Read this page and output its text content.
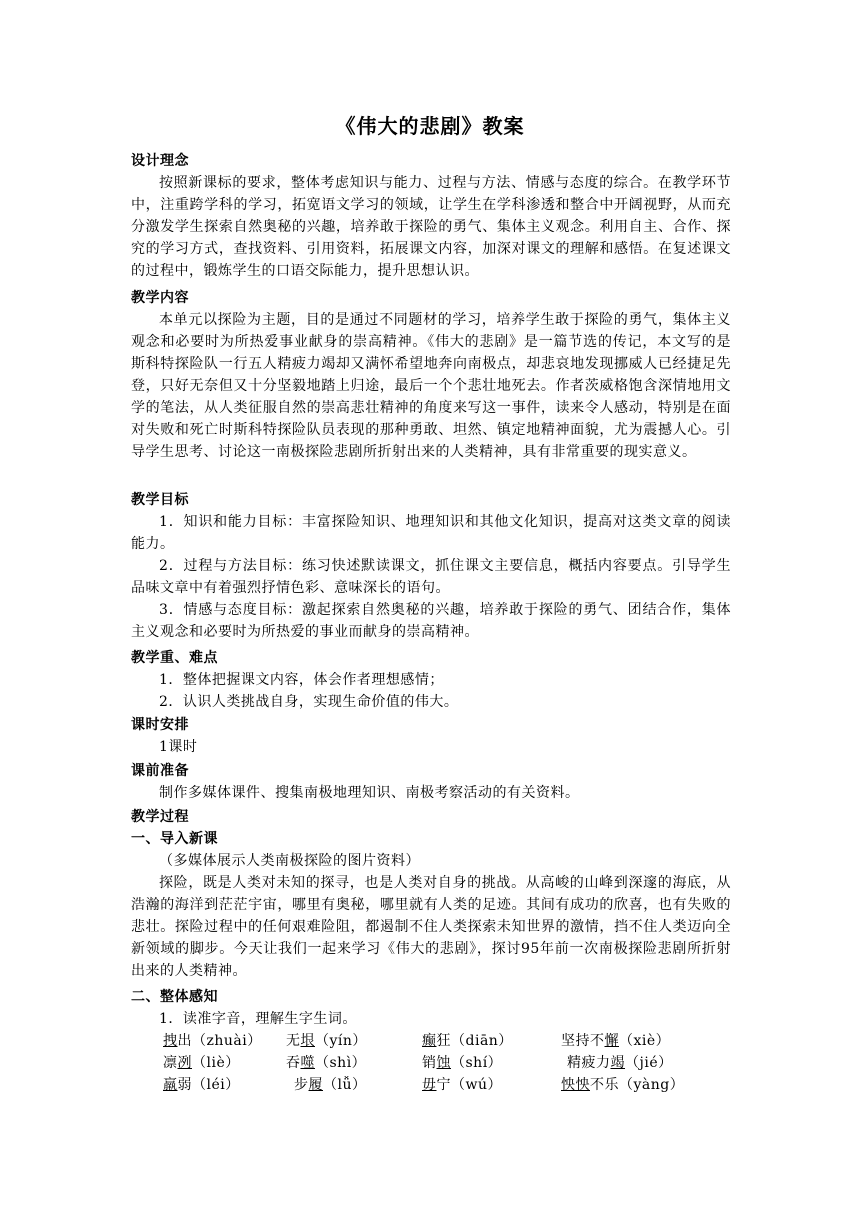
《伟大的悲剧》教案
设计理念
按照新课标的要求，整体考虑知识与能力、过程与方法、情感与态度的综合。在教学环节中，注重跨学科的学习，拓宽语文学习的领域，让学生在学科渗透和整合中开阔视野，从而充分激发学生探索自然奥秘的兴趣，培养敢于探险的勇气、集体主义观念。利用自主、合作、探究的学习方式，查找资料、引用资料，拓展课文内容，加深对课文的理解和感悟。在复述课文的过程中，锻炼学生的口语交际能力，提升思想认识。
教学内容
本单元以探险为主题，目的是通过不同题材的学习，培养学生敢于探险的勇气，集体主义观念和必要时为所热爱事业献身的崇高精神。《伟大的悲剧》是一篇节选的传记，本文写的是斯科特探险队一行五人精疲力竭却又满怀希望地奔向南极点，却悲哀地发现挪威人已经捷足先登，只好无奈但又十分坚毅地踏上归途，最后一个个悲壮地死去。作者茨威格饱含深情地用文学的笔法，从人类征服自然的崇高悲壮精神的角度来写这一事件，读来令人感动，特别是在面对失败和死亡时斯科特探险队员表现的那种勇敢、坦然、镇定地精神面貌，尤为震撼人心。引导学生思考、讨论这一南极探险悲剧所折射出来的人类精神，具有非常重要的现实意义。
教学目标
1．知识和能力目标：丰富探险知识、地理知识和其他文化知识，提高对这类文章的阅读能力。
2．过程与方法目标：练习快述默读课文，抓住课文主要信息，概括内容要点。引导学生品味文章中有着强烈抒情色彩、意味深长的语句。
3．情感与态度目标：激起探索自然奥秘的兴趣，培养敢于探险的勇气、团结合作，集体主义观念和必要时为所热爱的事业而献身的崇高精神。
教学重、难点
1．整体把握课文内容，体会作者理想感情；
2．认识人类挑战自身，实现生命价值的伟大。
课时安排
1课时
课前准备
制作多媒体课件、搜集南极地理知识、南极考察活动的有关资料。
教学过程
一、导入新课
（多媒体展示人类南极探险的图片资料）
探险，既是人类对未知的探寻，也是人类对自身的挑战。从高峻的山峰到深邃的海底，从浩瀚的海洋到茫茫宇宙，哪里有奥秘，哪里就有人类的足迹。其间有成功的欣喜，也有失败的悲壮。探险过程中的任何艰难险阻，都遏制不住人类探索未知世界的激情，挡不住人类迈向全新领域的脚步。今天让我们一起来学习《伟大的悲剧》，探讨95年前一次南极探险悲剧所折射出来的人类精神。
二、整体感知
1．读准字音，理解生字生词。
拽出（zhuài） 无垠（yín）	癫狂（diān）	坚持不懈（xiè）
凛冽（liè）	吞噬（shì）	销蚀（shí）	精疲力竭（jié）
羸弱（léi）	步履（lǚ）	毋宁（wú）	怏怏不乐（yàng）
